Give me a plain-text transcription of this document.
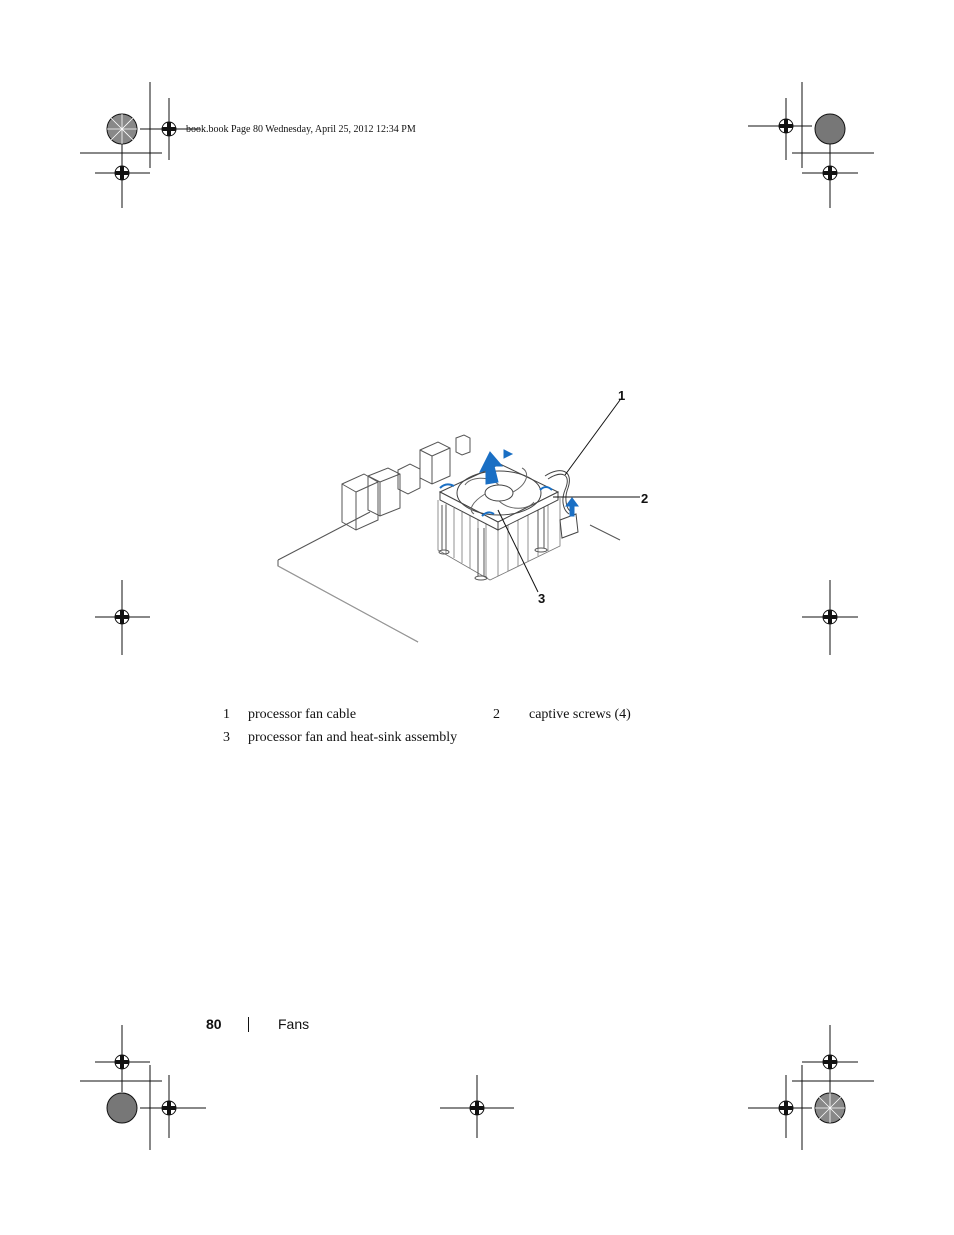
book.book Page 80 Wednesday, April 25, 2012 12:34 PM
1
2
3
1 processor fan cable	2 captive screws (4)
3 processor fan and heat-sink assembly
80	Fans
